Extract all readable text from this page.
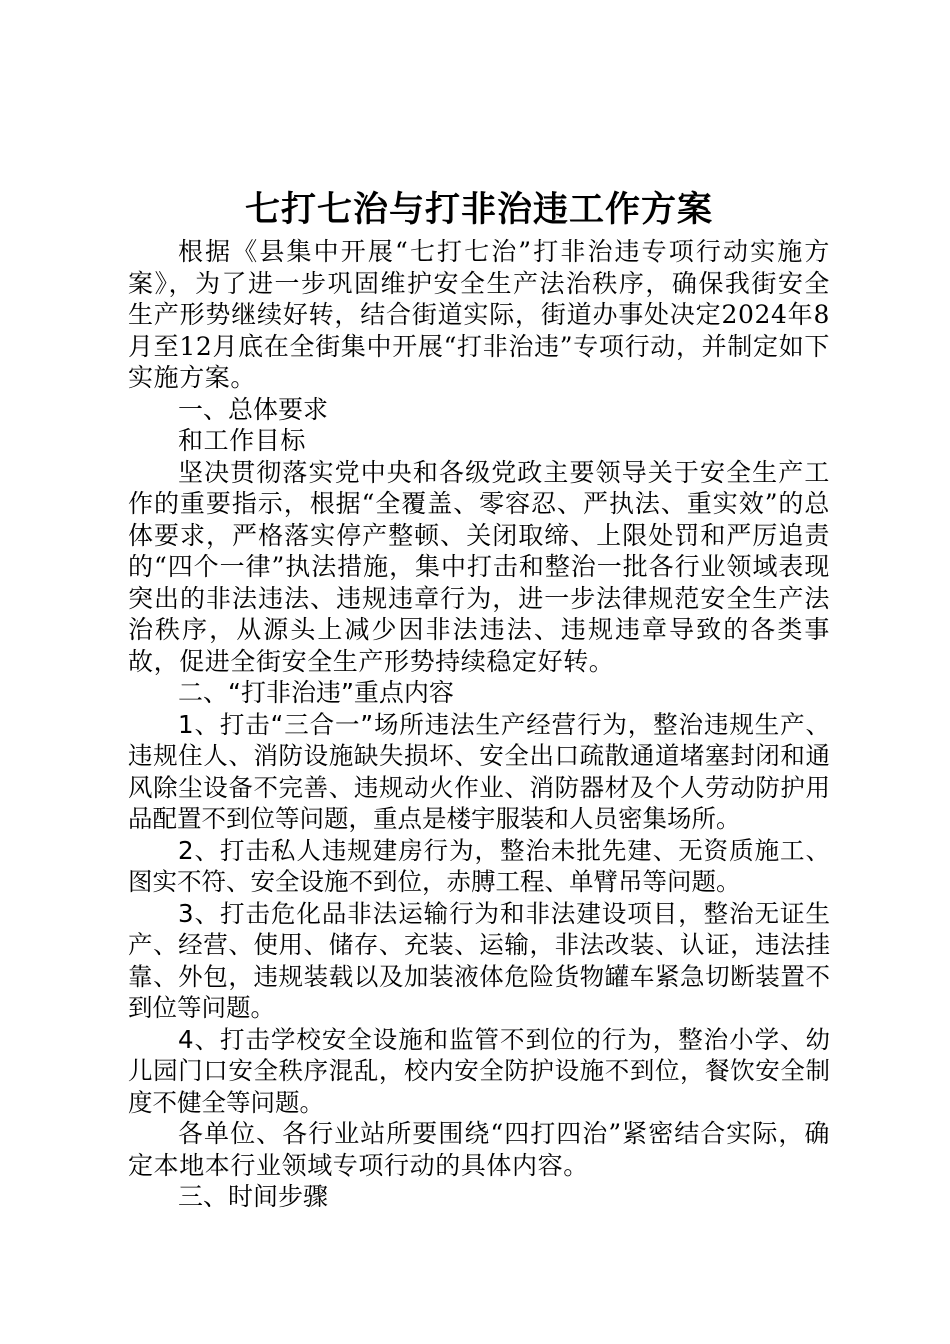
七打七治与打非治违工作方案

根据《县集中开展“七打七治”打非治违专项行动实施方案》，为了进一步巩固维护安全生产法治秩序，确保我街安全生产形势继续好转，结合街道实际，街道办事处决定2024年8月至12月底在全街集中开展“打非治违”专项行动，并制定如下实施方案。

一、总体要求

和工作目标

坚决贯彻落实党中央和各级党政主要领导关于安全生产工作的重要指示，根据“全覆盖、零容忍、严执法、重实效”的总体要求，严格落实停产整顿、关闭取缔、上限处罚和严厉追责的“四个一律”执法措施，集中打击和整治一批各行业领域表现突出的非法违法、违规违章行为，进一步法律规范安全生产法治秩序，从源头上减少因非法违法、违规违章导致的各类事故，促进全街安全生产形势持续稳定好转。

二、“打非治违”重点内容

1、打击“三合一”场所违法生产经营行为，整治违规生产、违规住人、消防设施缺失损坏、安全出口疏散通道堵塞封闭和通风除尘设备不完善、违规动火作业、消防器材及个人劳动防护用品配置不到位等问题，重点是楼宇服装和人员密集场所。

2、打击私人违规建房行为，整治未批先建、无资质施工、图实不符、安全设施不到位，赤膊工程、单臂吊等问题。

3、打击危化品非法运输行为和非法建设项目，整治无证生产、经营、使用、储存、充装、运输，非法改装、认证，违法挂靠、外包，违规装载以及加装液体危险货物罐车紧急切断装置不到位等问题。

4、打击学校安全设施和监管不到位的行为，整治小学、幼儿园门口安全秩序混乱，校内安全防护设施不到位，餐饮安全制度不健全等问题。

各单位、各行业站所要围绕“四打四治”紧密结合实际，确定本地本行业领域专项行动的具体内容。

三、时间步骤
